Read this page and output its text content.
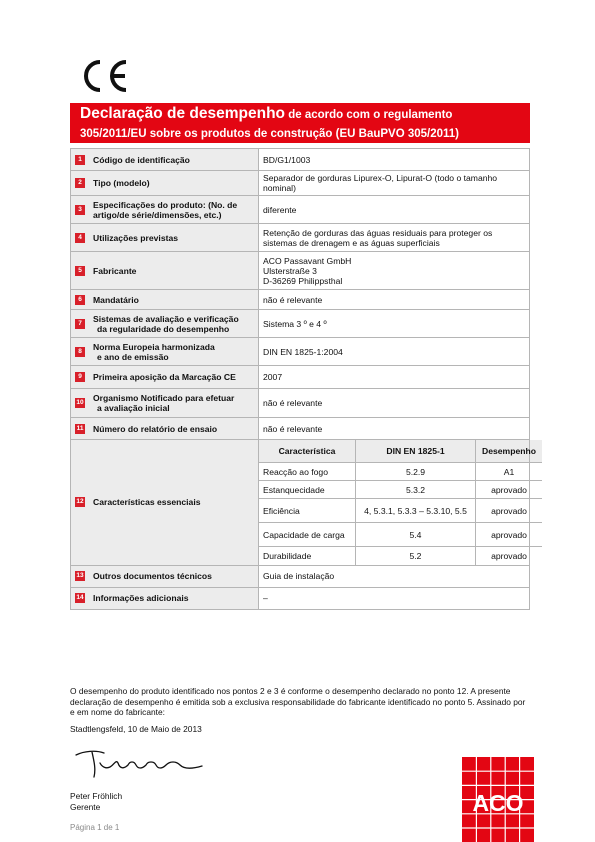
Declaração de desempenho de acordo com o regulamento
305/2011/EU sobre os produtos de construção (EU BauPVO 305/2011)
1	Código de identificação	BD/G1/1003

2	Tipo (modelo)	Separador de gorduras Lipurex-O, Lipurat-O (todo o tamanho nominal)

3	Especificações do produto: (No. de artigo/de série/dimensões, etc.)	diferente

4	Utilizações previstas	Retenção de gorduras das águas residuais para proteger os sistemas de drenagem e as águas superficiais

5	Fabricante
	ACO Passavant GmbH
Ulsterstraße 3
D-36269 Philippsthal

6	Mandatário	não é relevante

7	Sistemas de avaliação e verificação
da regularidade do desempenho	Sistema 3 º e 4 º

8	Norma Europeia harmonizada
e ano de emissão	DIN EN 1825-1:2004

9	Primeira aposição da Marcação CE	2007

10 Organismo Notificado para efetuar
a avaliação inicial	não é relevante

11 Número do relatório de ensaio	não é relevante

12 Características essenciais

Característica	DIN EN 1825-1	Desempenho
Reacção ao fogo	5.2.9	A1
Estanquecidade	5.3.2	aprovado
Eficiência	4, 5.3.1, 5.3.3 – 5.3.10, 5.5	aprovado
Capacidade de carga	5.4	aprovado
Durabilidade	5.2	aprovado

13 Outros documentos técnicos	Guia de instalação

14 Informações adicionais	–
O desempenho do produto identificado nos pontos 2 e 3 é conforme o desempenho declarado no ponto 12. A presente declaração de desempenho é emitida sob a exclusiva responsabilidade do fabricante identificado no ponto 5. Assinado por e em nome do fabricante:
Stadtlengsfeld, 10 de Maio de 2013
Peter Fröhlich
Gerente
Página 1 de 1
ACO
